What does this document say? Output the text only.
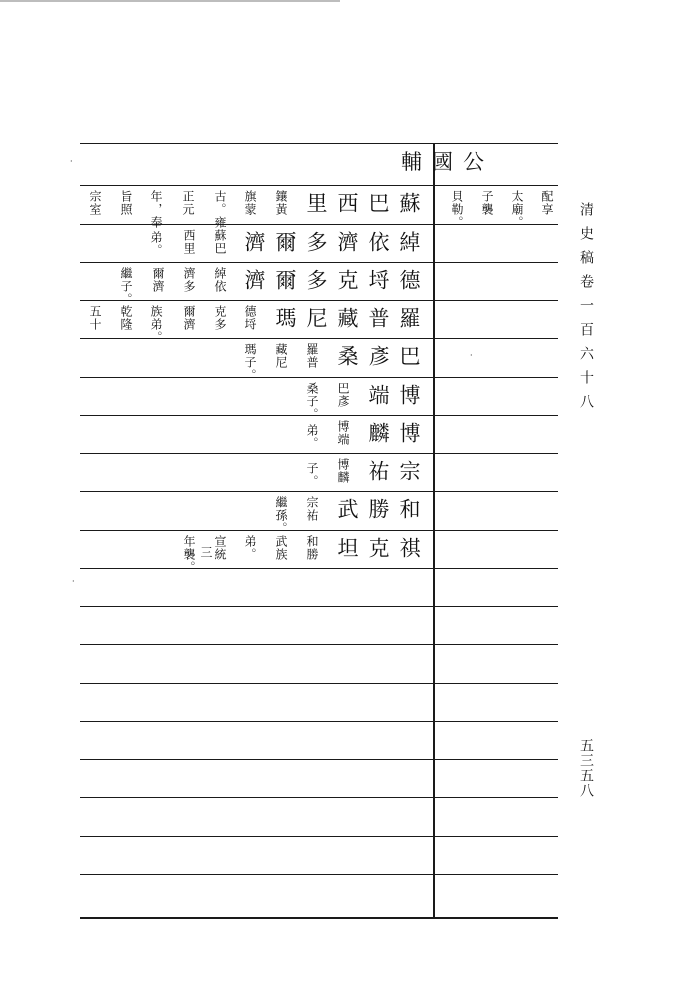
清史稿卷一百六十八
五三五八
·
·
·
輔國公
蘇
巴
西
里
綽
依
濟
多
爾
濟
德
埒
克
多
爾
濟
羅
普
藏
尼
瑪
巴
彥
桑
博
端
博
麟
宗
祐
和
勝
武
祺
克
坦
鑲黃
旗蒙
古。雍
正元
年，奉
旨照
宗室	配享
太廟。
子襲
貝勒。
蘇巴
西里
弟。
綽依
濟多
爾濟
繼子。
德埒
克多
爾濟
族弟。
乾隆
五十
羅普
藏尼
瑪子。
巴彥
桑子。
博端
弟。
博麟
子。
宗祐
繼孫。
和勝
武族
弟。
宣統
三
年襲。
